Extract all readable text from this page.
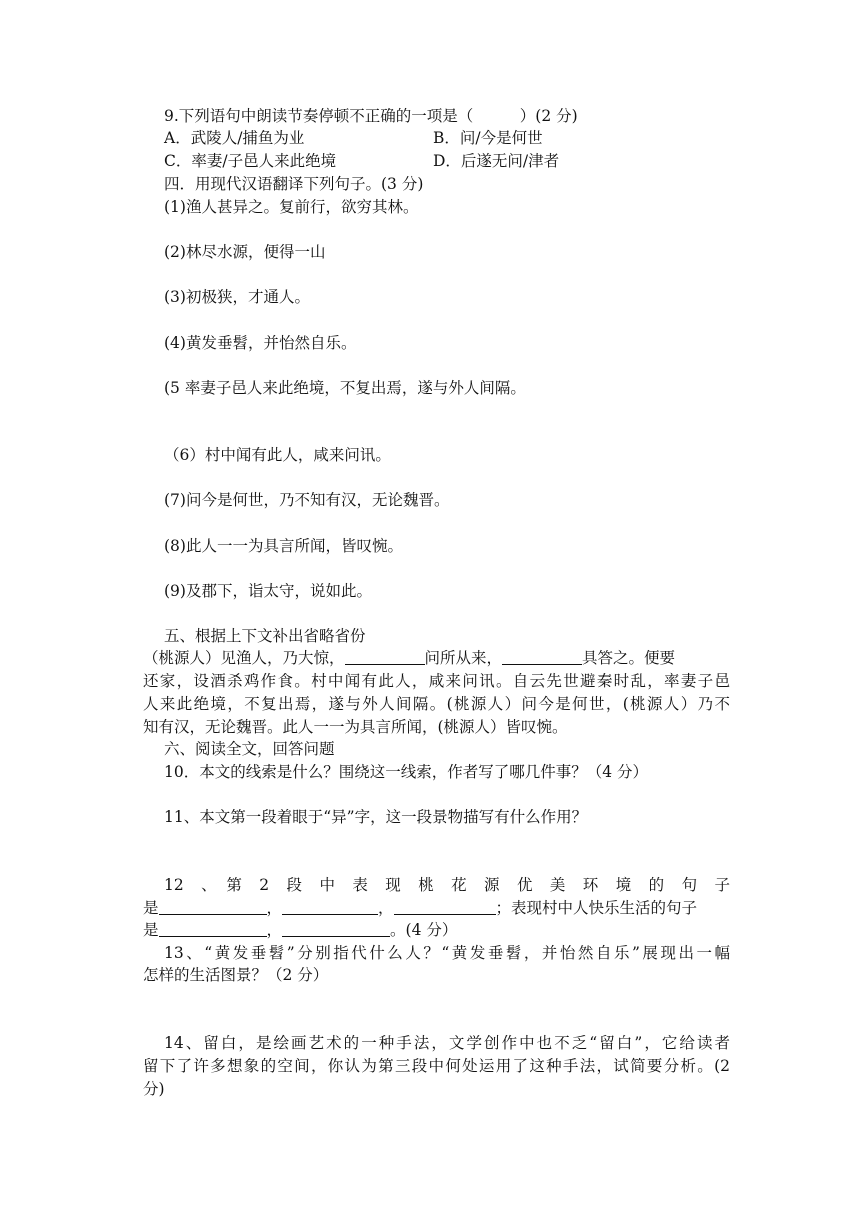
9.下列语句中朗读节奏停顿不正确的一项是（　　　）(2 分)
A．武陵人/捕鱼为业	B．问/今是何世
C．率妻/子邑人来此绝境	D．后遂无问/津者
四．用现代汉语翻译下列句子。(3 分)
(1)渔人甚异之。复前行，欲穷其林。
(2)林尽水源，便得一山
(3)初极狭，才通人。
(4)黄发垂髫，并怡然自乐。
(5 率妻子邑人来此绝境，不复出焉，遂与外人间隔。
（6）村中闻有此人，咸来问讯。
(7)问今是何世，乃不知有汉，无论魏晋。
(8)此人一一为具言所闻，皆叹惋。
(9)及郡下，诣太守，说如此。
五、根据上下文补出省略省份
（桃源人）见渔人，乃大惊，	问所从来，	具答之。便要
还家，设酒杀鸡作食。村中闻有此人，咸来问讯。自云先世避秦时乱，率妻子邑
人来此绝境，不复出焉，遂与外人间隔。(桃源人）问今是何世，(桃源人）乃不
知有汉，无论魏晋。此人一一为具言所闻，(桃源人）皆叹惋。
六、阅读全文，回答问题
10．本文的线索是什么？围绕这一线索，作者写了哪几件事？（4 分）
11、本文第一段着眼于“异”字，这一段景物描写有什么作用？
12　、　第　2　段　中　表　现　桃　花　源　优　美　环　境　的　句　子
是	，	，	；表现村中人快乐生活的句子
是	，	。(4 分）
13、“黄发垂髫”分别指代什么人？“黄发垂髫，并怡然自乐”展现出一幅
怎样的生活图景？（2 分）
14、留白，是绘画艺术的一种手法，文学创作中也不乏“留白”，它给读者
留下了许多想象的空间，你认为第三段中何处运用了这种手法，试简要分析。(2
分)
